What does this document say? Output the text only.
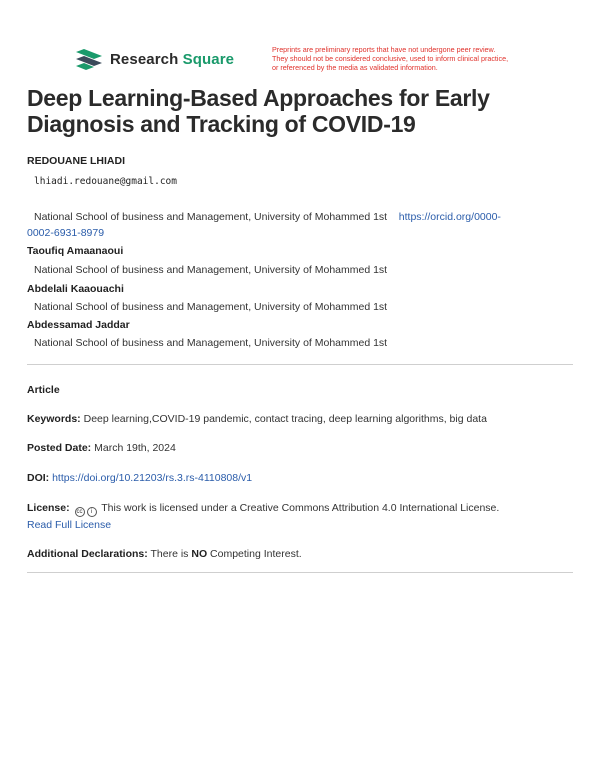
Research Square
Preprints are preliminary reports that have not undergone peer review.
They should not be considered conclusive, used to inform clinical practice,
or referenced by the media as validated information.
Deep Learning-Based Approaches for Early
Diagnosis and Tracking of COVID-19
REDOUANE LHIADI
lhiadi.redouane@gmail.com
National School of business and Management, University of Mohammed 1st https://orcid.org/0000-
0002-6931-8979
Taoufiq Amaanaoui
National School of business and Management, University of Mohammed 1st
Abdelali Kaaouachi
National School of business and Management, University of Mohammed 1st
Abdessamad Jaddar
National School of business and Management, University of Mohammed 1st
Article
Keywords: Deep learning,COVID-19 pandemic, contact tracing, deep learning algorithms, big data
Posted Date: March 19th, 2024
DOI: https://doi.org/10.21203/rs.3.rs-4110808/v1
License:	cc	i This work is licensed under a Creative Commons Attribution 4.0 International License.
Read Full License
Additional Declarations: There is NO Competing Interest.
